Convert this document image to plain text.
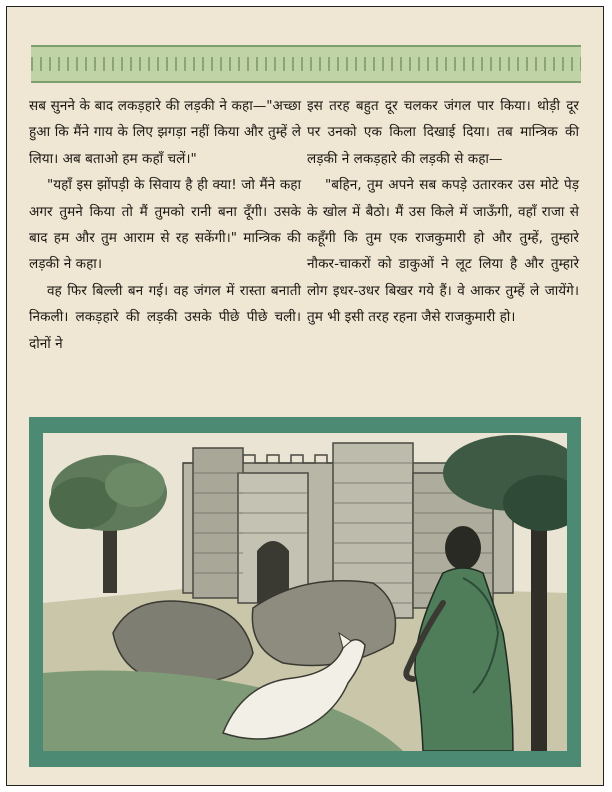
सब सुनने के बाद लकड़हारे की लड़की ने कहा—"अच्छा हुआ कि मैंने गाय के लिए झगड़ा नहीं किया और तुम्हें ले लिया। अब बताओ हम कहाँ चलें।"

"यहाँ इस झोंपड़ी के सिवाय है ही क्या! जो मैंने कहा अगर तुमने किया तो मैं तुमको रानी बना दूँगी। उसके बाद हम और तुम आराम से रह सकेंगी।" मान्त्रिक की लड़की ने कहा।

वह फिर बिल्ली बन गई। वह जंगल में रास्ता बनाती निकली। लकड़हारे की लड़की उसके पीछे पीछे चली। दोनों ने

इस तरह बहुत दूर चलकर जंगल पार किया। थोड़ी दूर पर उनको एक किला दिखाई दिया। तब मान्त्रिक की लड़की ने लकड़हारे की लड़की से कहा—

"बहिन, तुम अपने सब कपड़े उतारकर उस मोटे पेड़ के खोल में बैठो। मैं उस किले में जाऊँगी, वहाँ राजा से कहूँगी कि तुम एक राजकुमारी हो और तुम्हें, तुम्हारे नौकर-चाकरों को डाकुओं ने लूट लिया है और तुम्हारे लोग इधर-उधर बिखर गये हैं। वे आकर तुम्हें ले जायेंगे। तुम भी इसी तरह रहना जैसे राजकुमारी हो।
